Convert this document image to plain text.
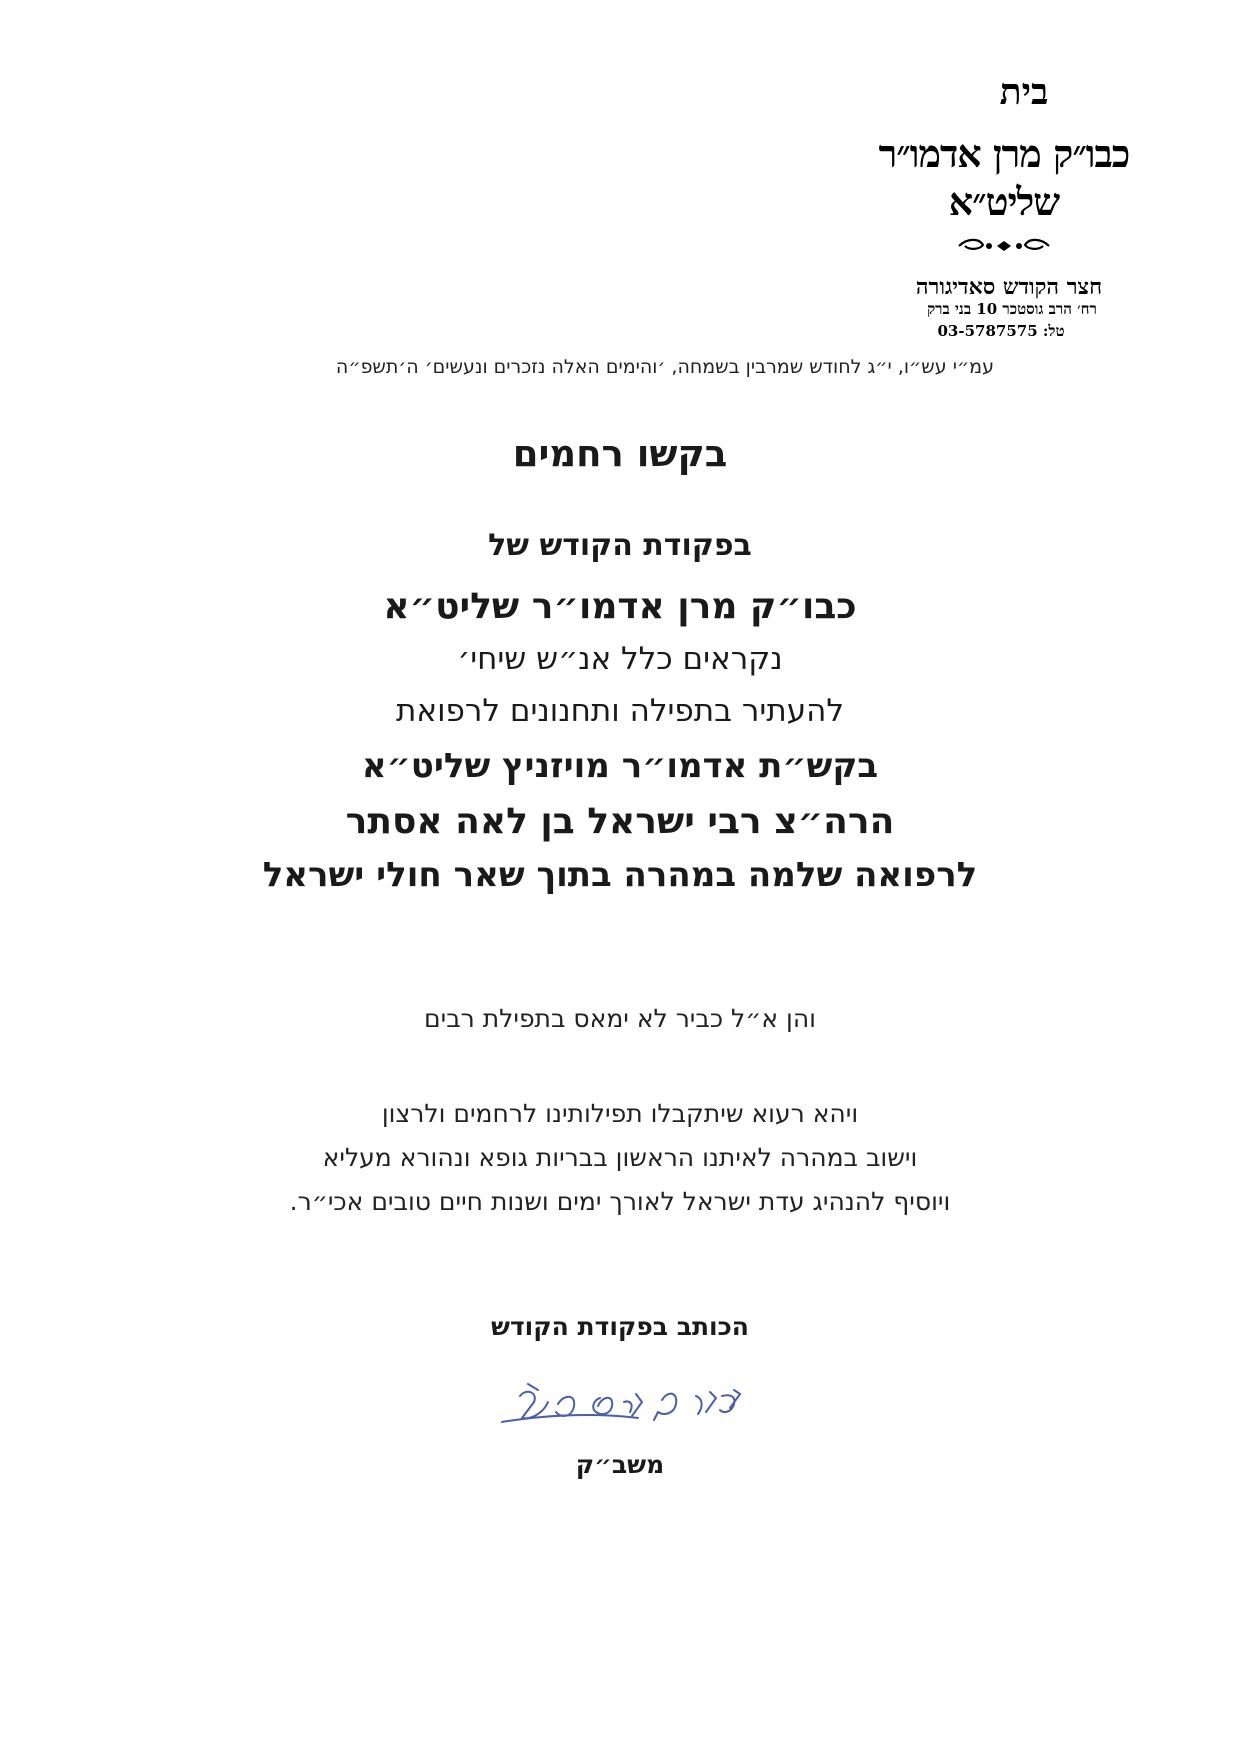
בית
כבו״ק מרן אדמו״ר שליט״א
חצר הקודש סאדיגורה
רח׳ הרב גוסטכר 10 בני ברק
טל: 03-5787575
עמ״י עש״ו, י״ג לחודש שמרבין בשמחה, ׳והימים האלה נזכרים ונעשים׳ ה׳תשפ״ה
בקשו רחמים
בפקודת הקודש של
כבו״ק מרן אדמו״ר שליט״א
נקראים כלל אנ״ש שיחי׳
להעתיר בתפילה ותחנונים לרפואת
בקש״ת אדמו״ר מויזניץ שליט״א
הרה״צ רבי ישראל בן לאה אסתר
לרפואה שלמה במהרה בתוך שאר חולי ישראל
והן א״ל כביר לא ימאס בתפילת רבים
ויהא רעוא שיתקבלו תפילותינו לרחמים ולרצון
וישוב במהרה לאיתנו הראשון בבריות גופא ונהורא מעליא
ויוסיף להנהיג עדת ישראל לאורך ימים ושנות חיים טובים אכי״ר.
הכותב בפקודת הקודש
משב״ק
